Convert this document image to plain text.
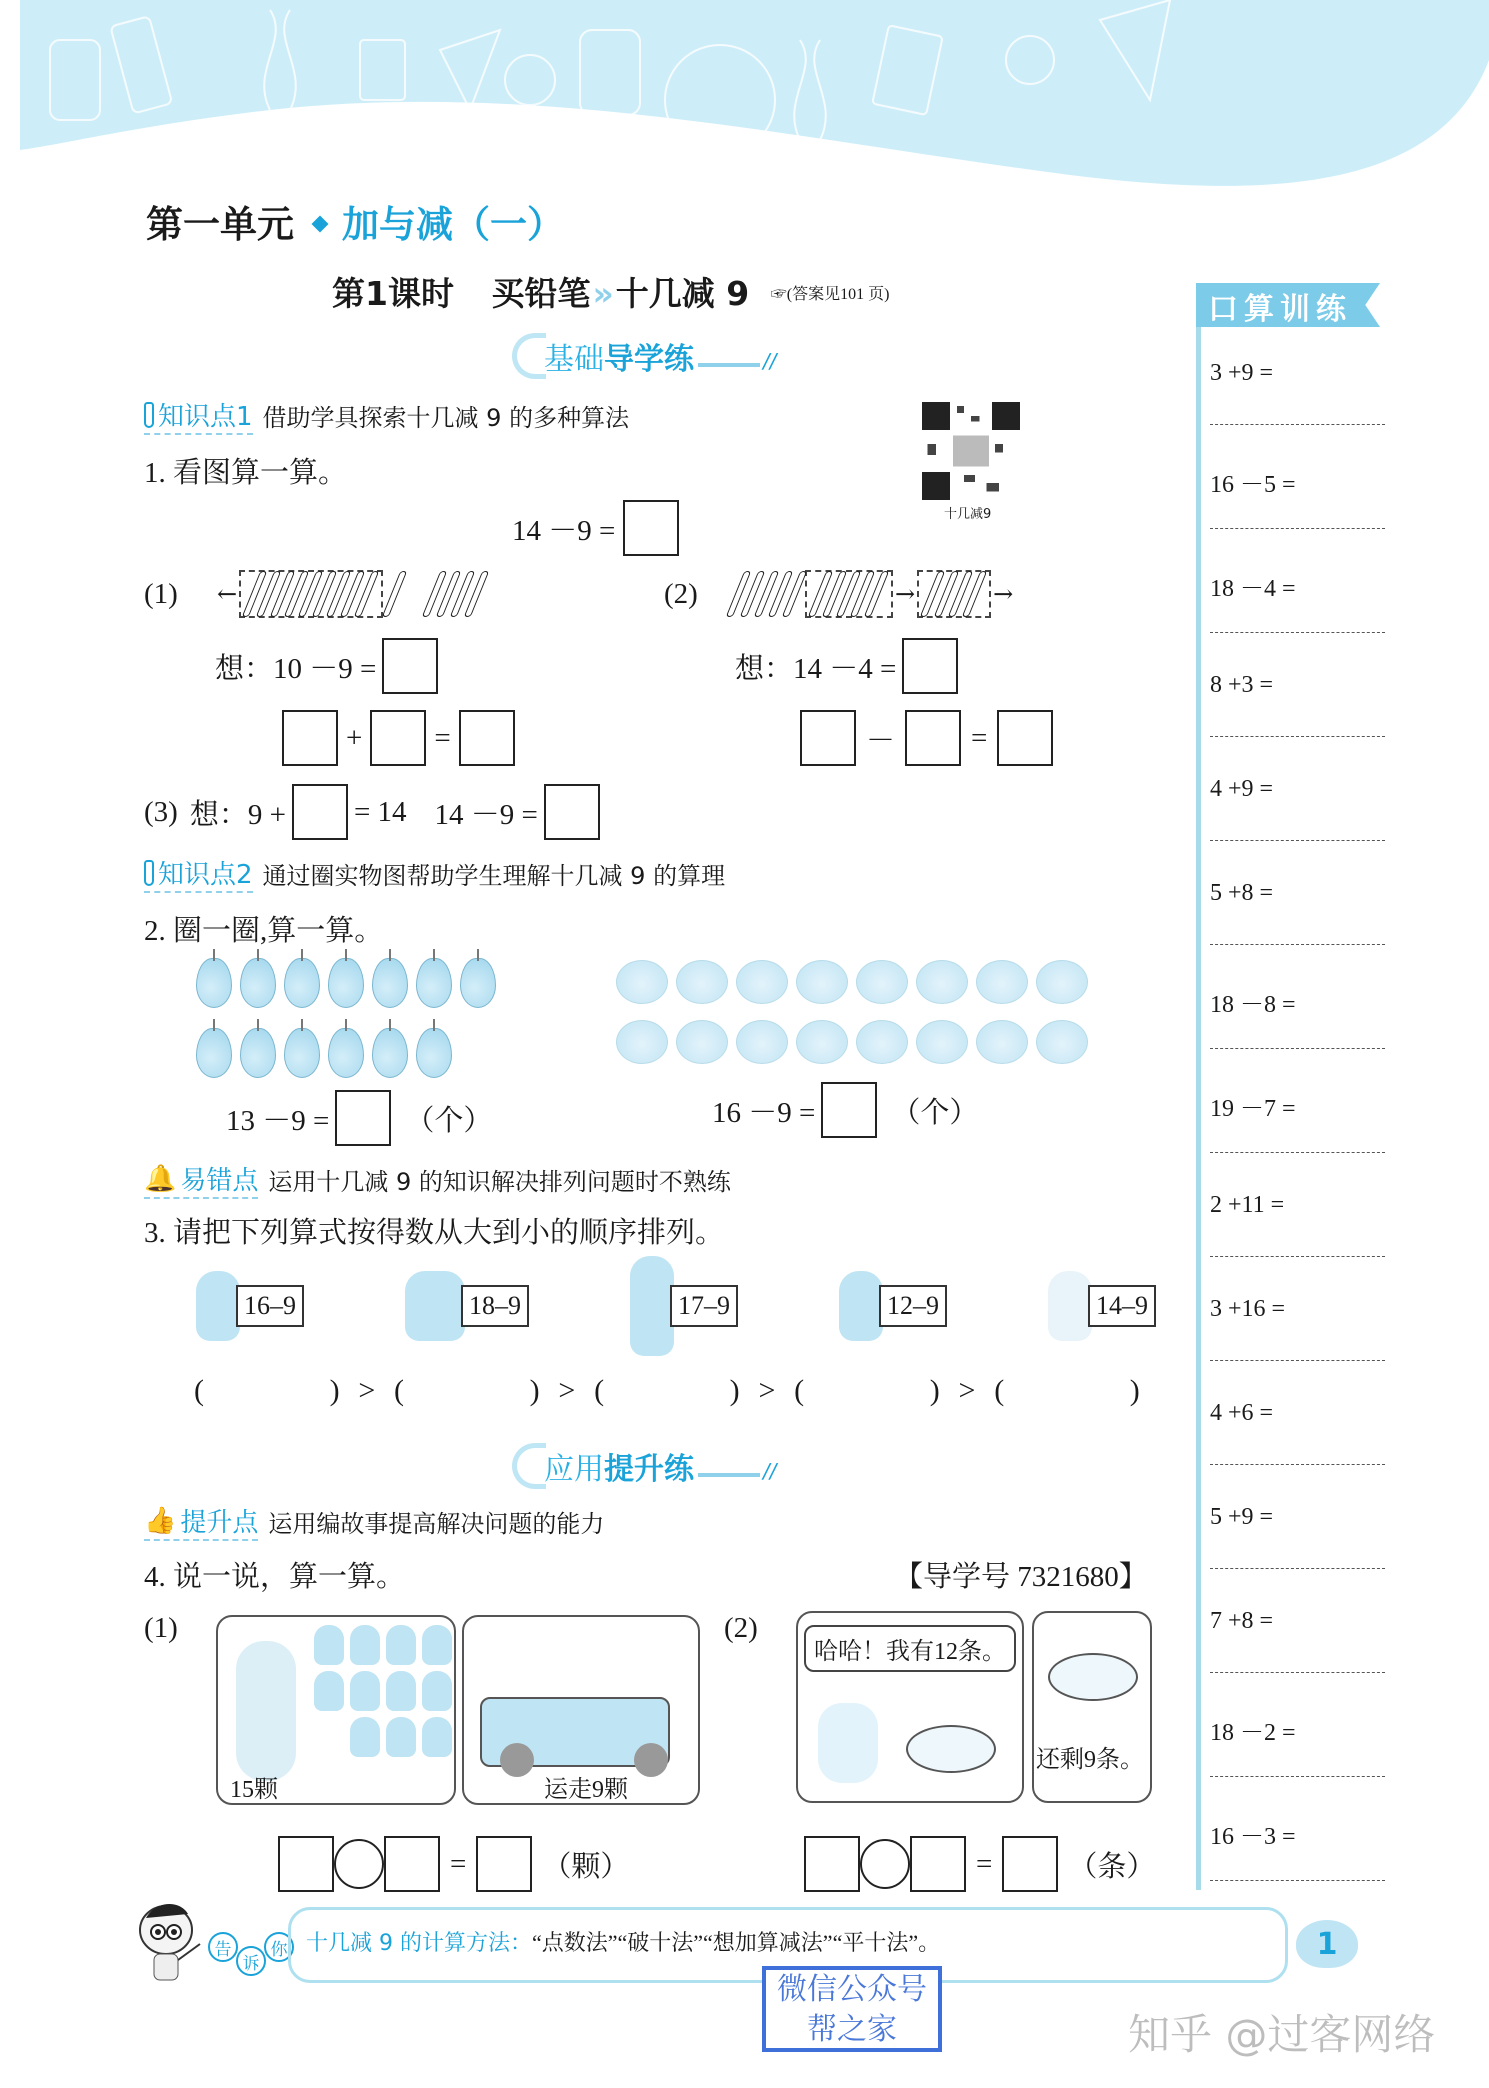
第一单元 加与减（一）
第1课时 买铅笔»十几减 9 ☞(答案见101 页)
基础导学练	//
十几减9
知识点1 借助学具探索十几减 9 的多种算法
1. 看图算一算。
14 －9 =
(1) ←
想：10 －9 =
+ =
(2)	→	→
想：14 －4 =
－	=
(3) 想：9 + = 14 14 －9 =
知识点2 通过圈实物图帮助学生理解十几减 9 的算理
2. 圈一圈,算一算。
13 －9 =	（个）	16 －9 =	（个）
🔔 易错点 运用十几减 9 的知识解决排列问题时不熟练
3. 请把下列算式按得数从大到小的顺序排列。
16–9	18–9	17–9	12–9	14–9
(	) > (	) > (	) > (	) > (	)
应用提升练	//
👍 提升点 运用编故事提高解决问题的能力
4. 说一说，算一算。	【导学号 7321680】
(1)
15颗	运走9颗
=	（颗）
(2)
哈哈！我有12条。
还剩9条。
=	（条）
口算训练
3 +9 =
16 －5 =
18 －4 =
8 +3 =
4 +9 =
5 +8 =
18 －8 =
19 －7 =
2 +11 =
3 +16 =
4 +6 =
5 +9 =
7 +8 =
18 －2 =
16 －3 =
告
诉
你 十几减 9 的计算方法：“点数法”“破十法”“想加算减法”“平十法”。	1
微信公众号
帮之家	知乎 @过客网络
